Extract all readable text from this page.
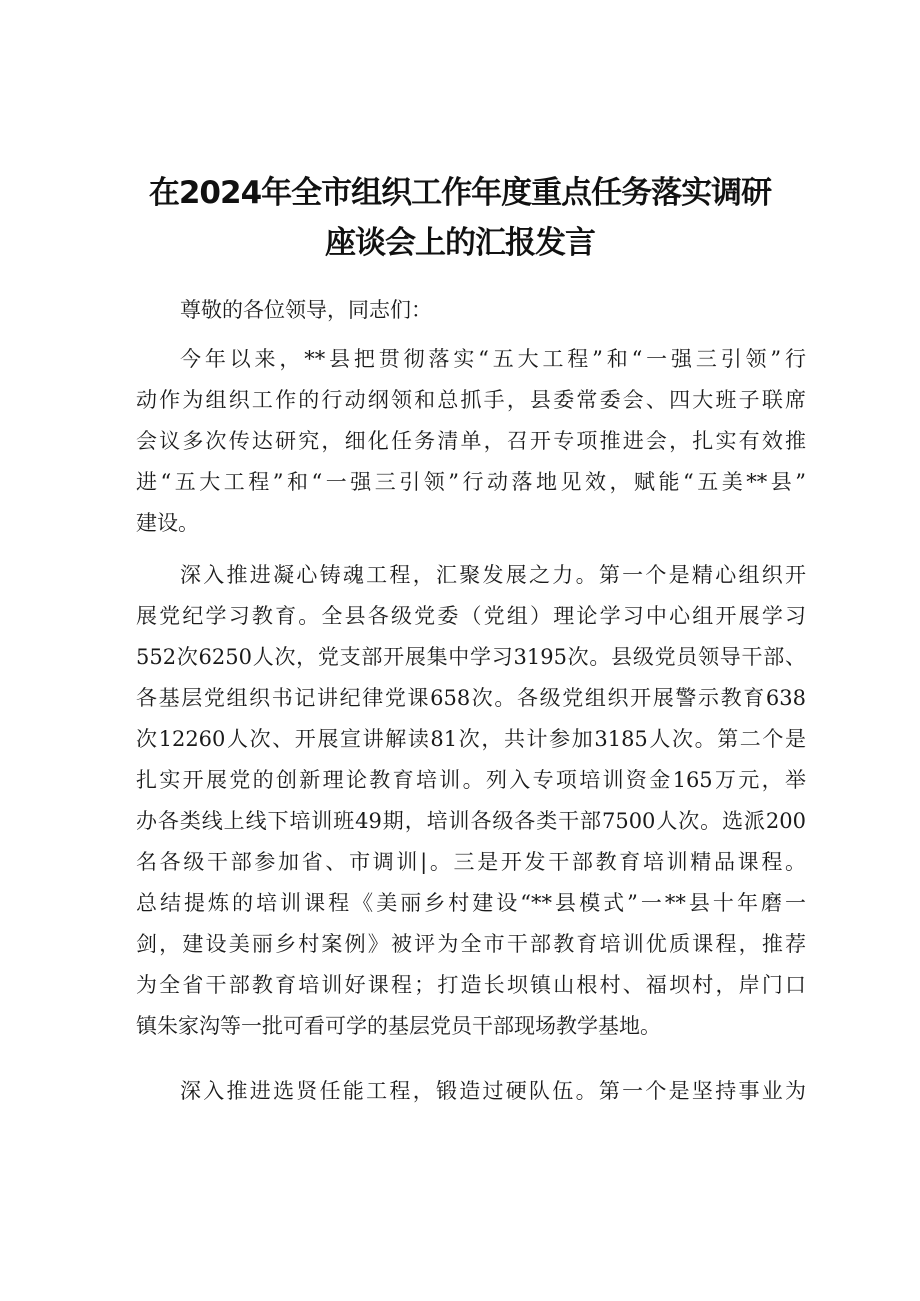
在2024年全市组织工作年度重点任务落实调研
座谈会上的汇报发言
尊敬的各位领导，同志们：
今年以来，**县把贯彻落实“五大工程”和“一强三引领”行
动作为组织工作的行动纲领和总抓手，县委常委会、四大班子联席
会议多次传达研究，细化任务清单，召开专项推进会，扎实有效推
进“五大工程”和“一强三引领”行动落地见效，赋能“五美**县”
建设。
深入推进凝心铸魂工程，汇聚发展之力。第一个是精心组织开
展党纪学习教育。全县各级党委（党组）理论学习中心组开展学习
552次6250人次，党支部开展集中学习3195次。县级党员领导干部、
各基层党组织书记讲纪律党课658次。各级党组织开展警示教育638
次12260人次、开展宣讲解读81次，共计参加3185人次。第二个是
扎实开展党的创新理论教育培训。列入专项培训资金165万元，举
办各类线上线下培训班49期，培训各级各类干部7500人次。选派200
名各级干部参加省、市调训|。三是开发干部教育培训精品课程。
总结提炼的培训课程《美丽乡村建设“**县模式”一**县十年磨一
剑，建设美丽乡村案例》被评为全市干部教育培训优质课程，推荐
为全省干部教育培训好课程；打造长坝镇山根村、福坝村，岸门口
镇朱家沟等一批可看可学的基层党员干部现场教学基地。
深入推进选贤任能工程，锻造过硬队伍。第一个是坚持事业为
